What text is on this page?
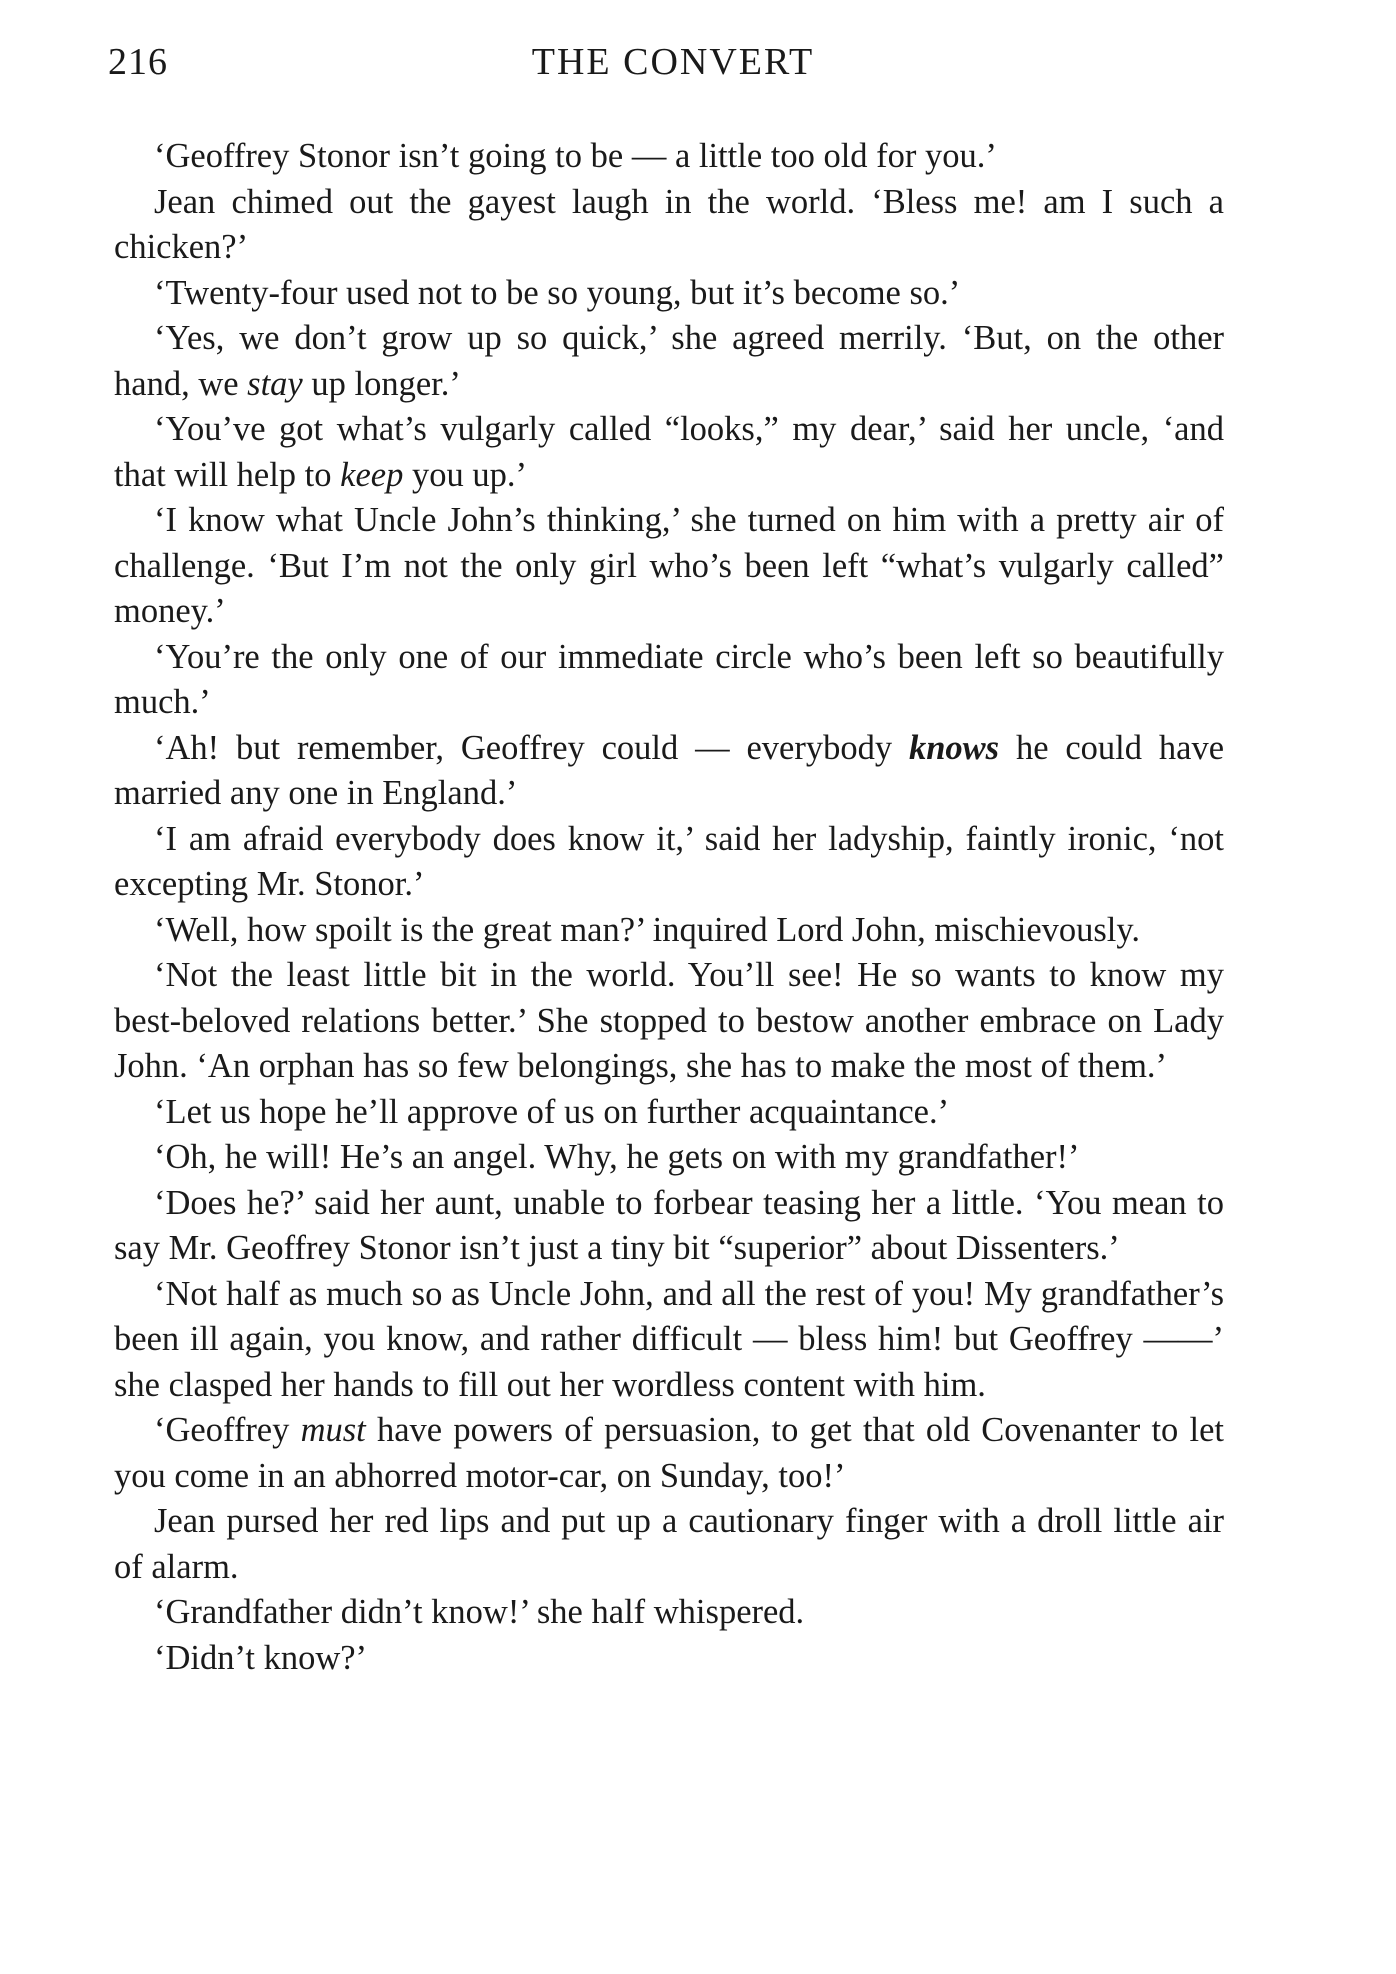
216	THE CONVERT

‘Geoffrey Stonor isn’t going to be — a little too old for you.’

Jean chimed out the gayest laugh in the world. ‘Bless me! am I such a chicken?’

‘Twenty-four used not to be so young, but it’s become so.’

‘Yes, we don’t grow up so quick,’ she agreed merrily. ‘But, on the other hand, we stay up longer.’

‘You’ve got what’s vulgarly called “looks,” my dear,’ said her uncle, ‘and that will help to keep you up.’

‘I know what Uncle John’s thinking,’ she turned on him with a pretty air of challenge. ‘But I’m not the only girl who’s been left “what’s vulgarly called” money.’

‘You’re the only one of our immediate circle who’s been left so beautifully much.’

‘Ah! but remember, Geoffrey could — everybody knows he could have married any one in England.’

‘I am afraid everybody does know it,’ said her ladyship, faintly ironic, ‘not excepting Mr. Stonor.’

‘Well, how spoilt is the great man?’ inquired Lord John, mischievously.

‘Not the least little bit in the world. You’ll see! He so wants to know my best-beloved relations better.’ She stopped to bestow another embrace on Lady John. ‘An orphan has so few belongings, she has to make the most of them.’

‘Let us hope he’ll approve of us on further acquaintance.’

‘Oh, he will! He’s an angel. Why, he gets on with my grandfather!’

‘Does he?’ said her aunt, unable to forbear teasing her a little. ‘You mean to say Mr. Geoffrey Stonor isn’t just a tiny bit “superior” about Dissenters.’

‘Not half as much so as Uncle John, and all the rest of you! My grandfather’s been ill again, you know, and rather difficult — bless him! but Geoffrey ——’ she clasped her hands to fill out her wordless content with him.

‘Geoffrey must have powers of persuasion, to get that old Covenanter to let you come in an abhorred motor-car, on Sunday, too!’

Jean pursed her red lips and put up a cautionary finger with a droll little air of alarm.

‘Grandfather didn’t know!’ she half whispered.

‘Didn’t know?’
